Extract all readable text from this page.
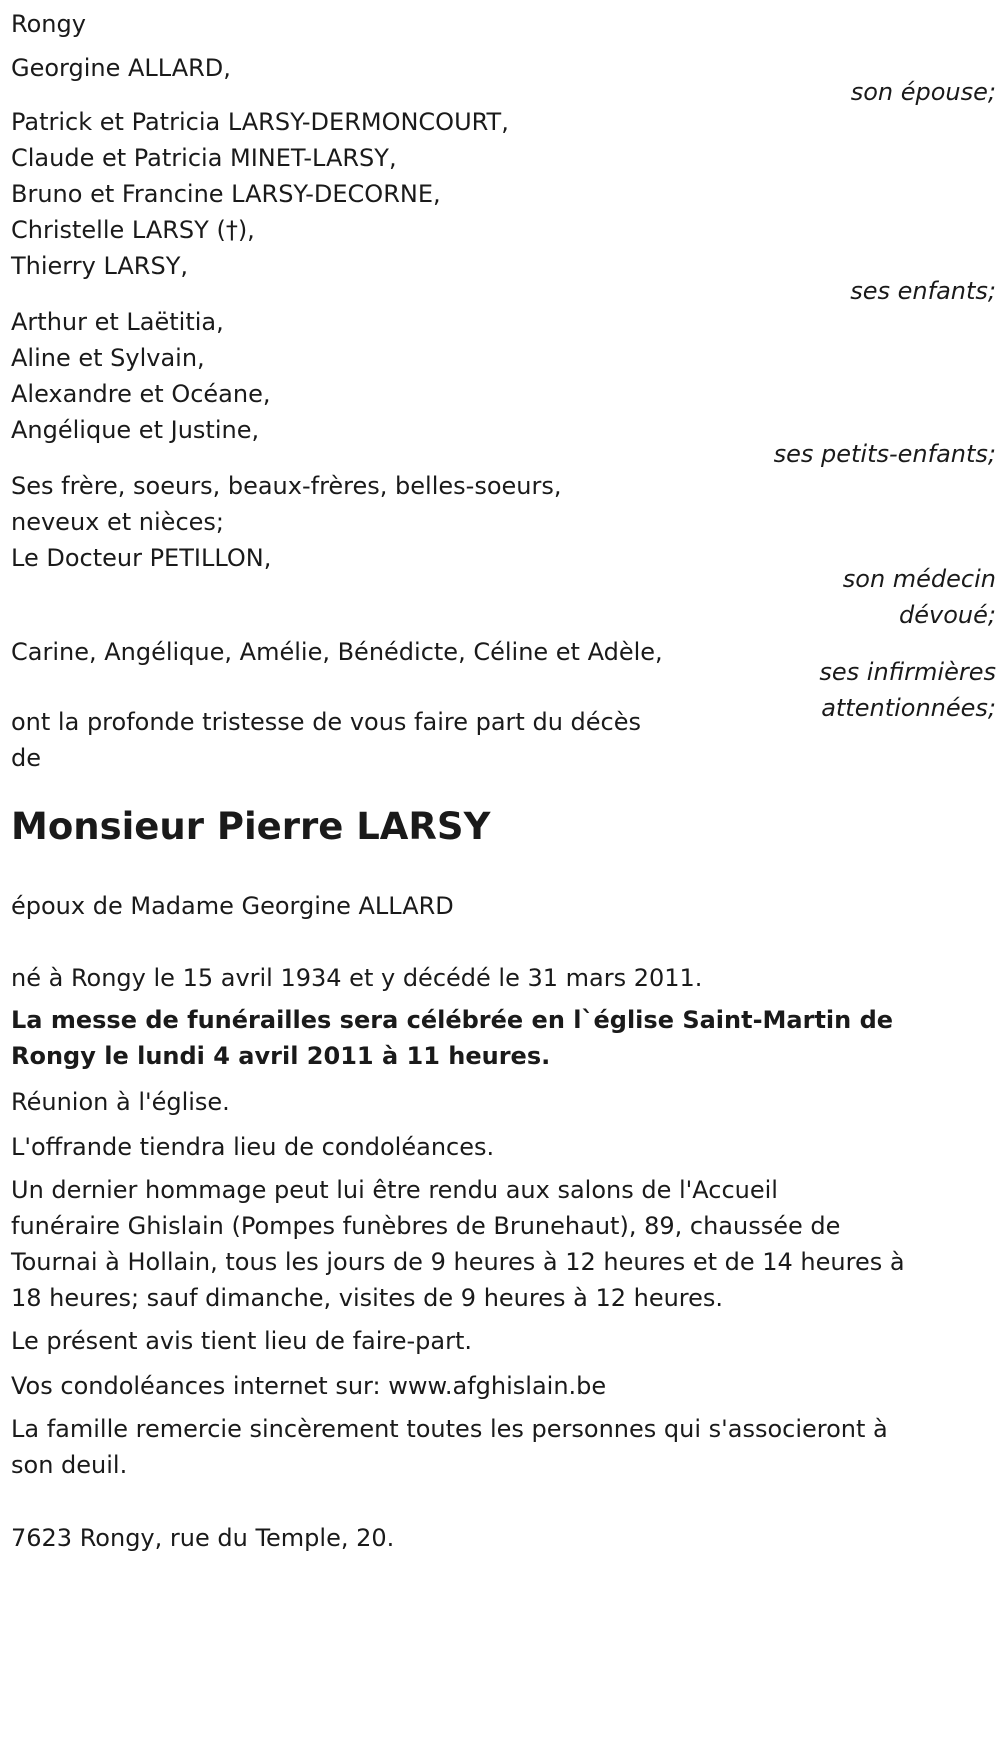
Rongy
Georgine ALLARD,
son épouse;
Patrick et Patricia LARSY-DERMONCOURT,
Claude et Patricia MINET-LARSY,
Bruno et Francine LARSY-DECORNE,
Christelle LARSY (†),
Thierry LARSY,
ses enfants;
Arthur et Laëtitia,
Aline et Sylvain,
Alexandre et Océane,
Angélique et Justine,
ses petits-enfants;
Ses frère, soeurs, beaux-frères, belles-soeurs,
neveux et nièces;
Le Docteur PETILLON,
son médecin
dévoué;
Carine, Angélique, Amélie, Bénédicte, Céline et Adèle,
ses infirmières
attentionnées;
ont la profonde tristesse de vous faire part du décès
de
Monsieur Pierre LARSY
époux de Madame Georgine ALLARD
né à Rongy le 15 avril 1934 et y décédé le 31 mars 2011.
La messe de funérailles sera célébrée en l`église Saint-Martin de
Rongy le lundi 4 avril 2011 à 11 heures.
Réunion à l'église.
L'offrande tiendra lieu de condoléances.
Un dernier hommage peut lui être rendu aux salons de l'Accueil
funéraire Ghislain (Pompes funèbres de Brunehaut), 89, chaussée de
Tournai à Hollain, tous les jours de 9 heures à 12 heures et de 14 heures à
18 heures; sauf dimanche, visites de 9 heures à 12 heures.
Le présent avis tient lieu de faire-part.
Vos condoléances internet sur: www.afghislain.be
La famille remercie sincèrement toutes les personnes qui s'associeront à
son deuil.
7623 Rongy, rue du Temple, 20.
